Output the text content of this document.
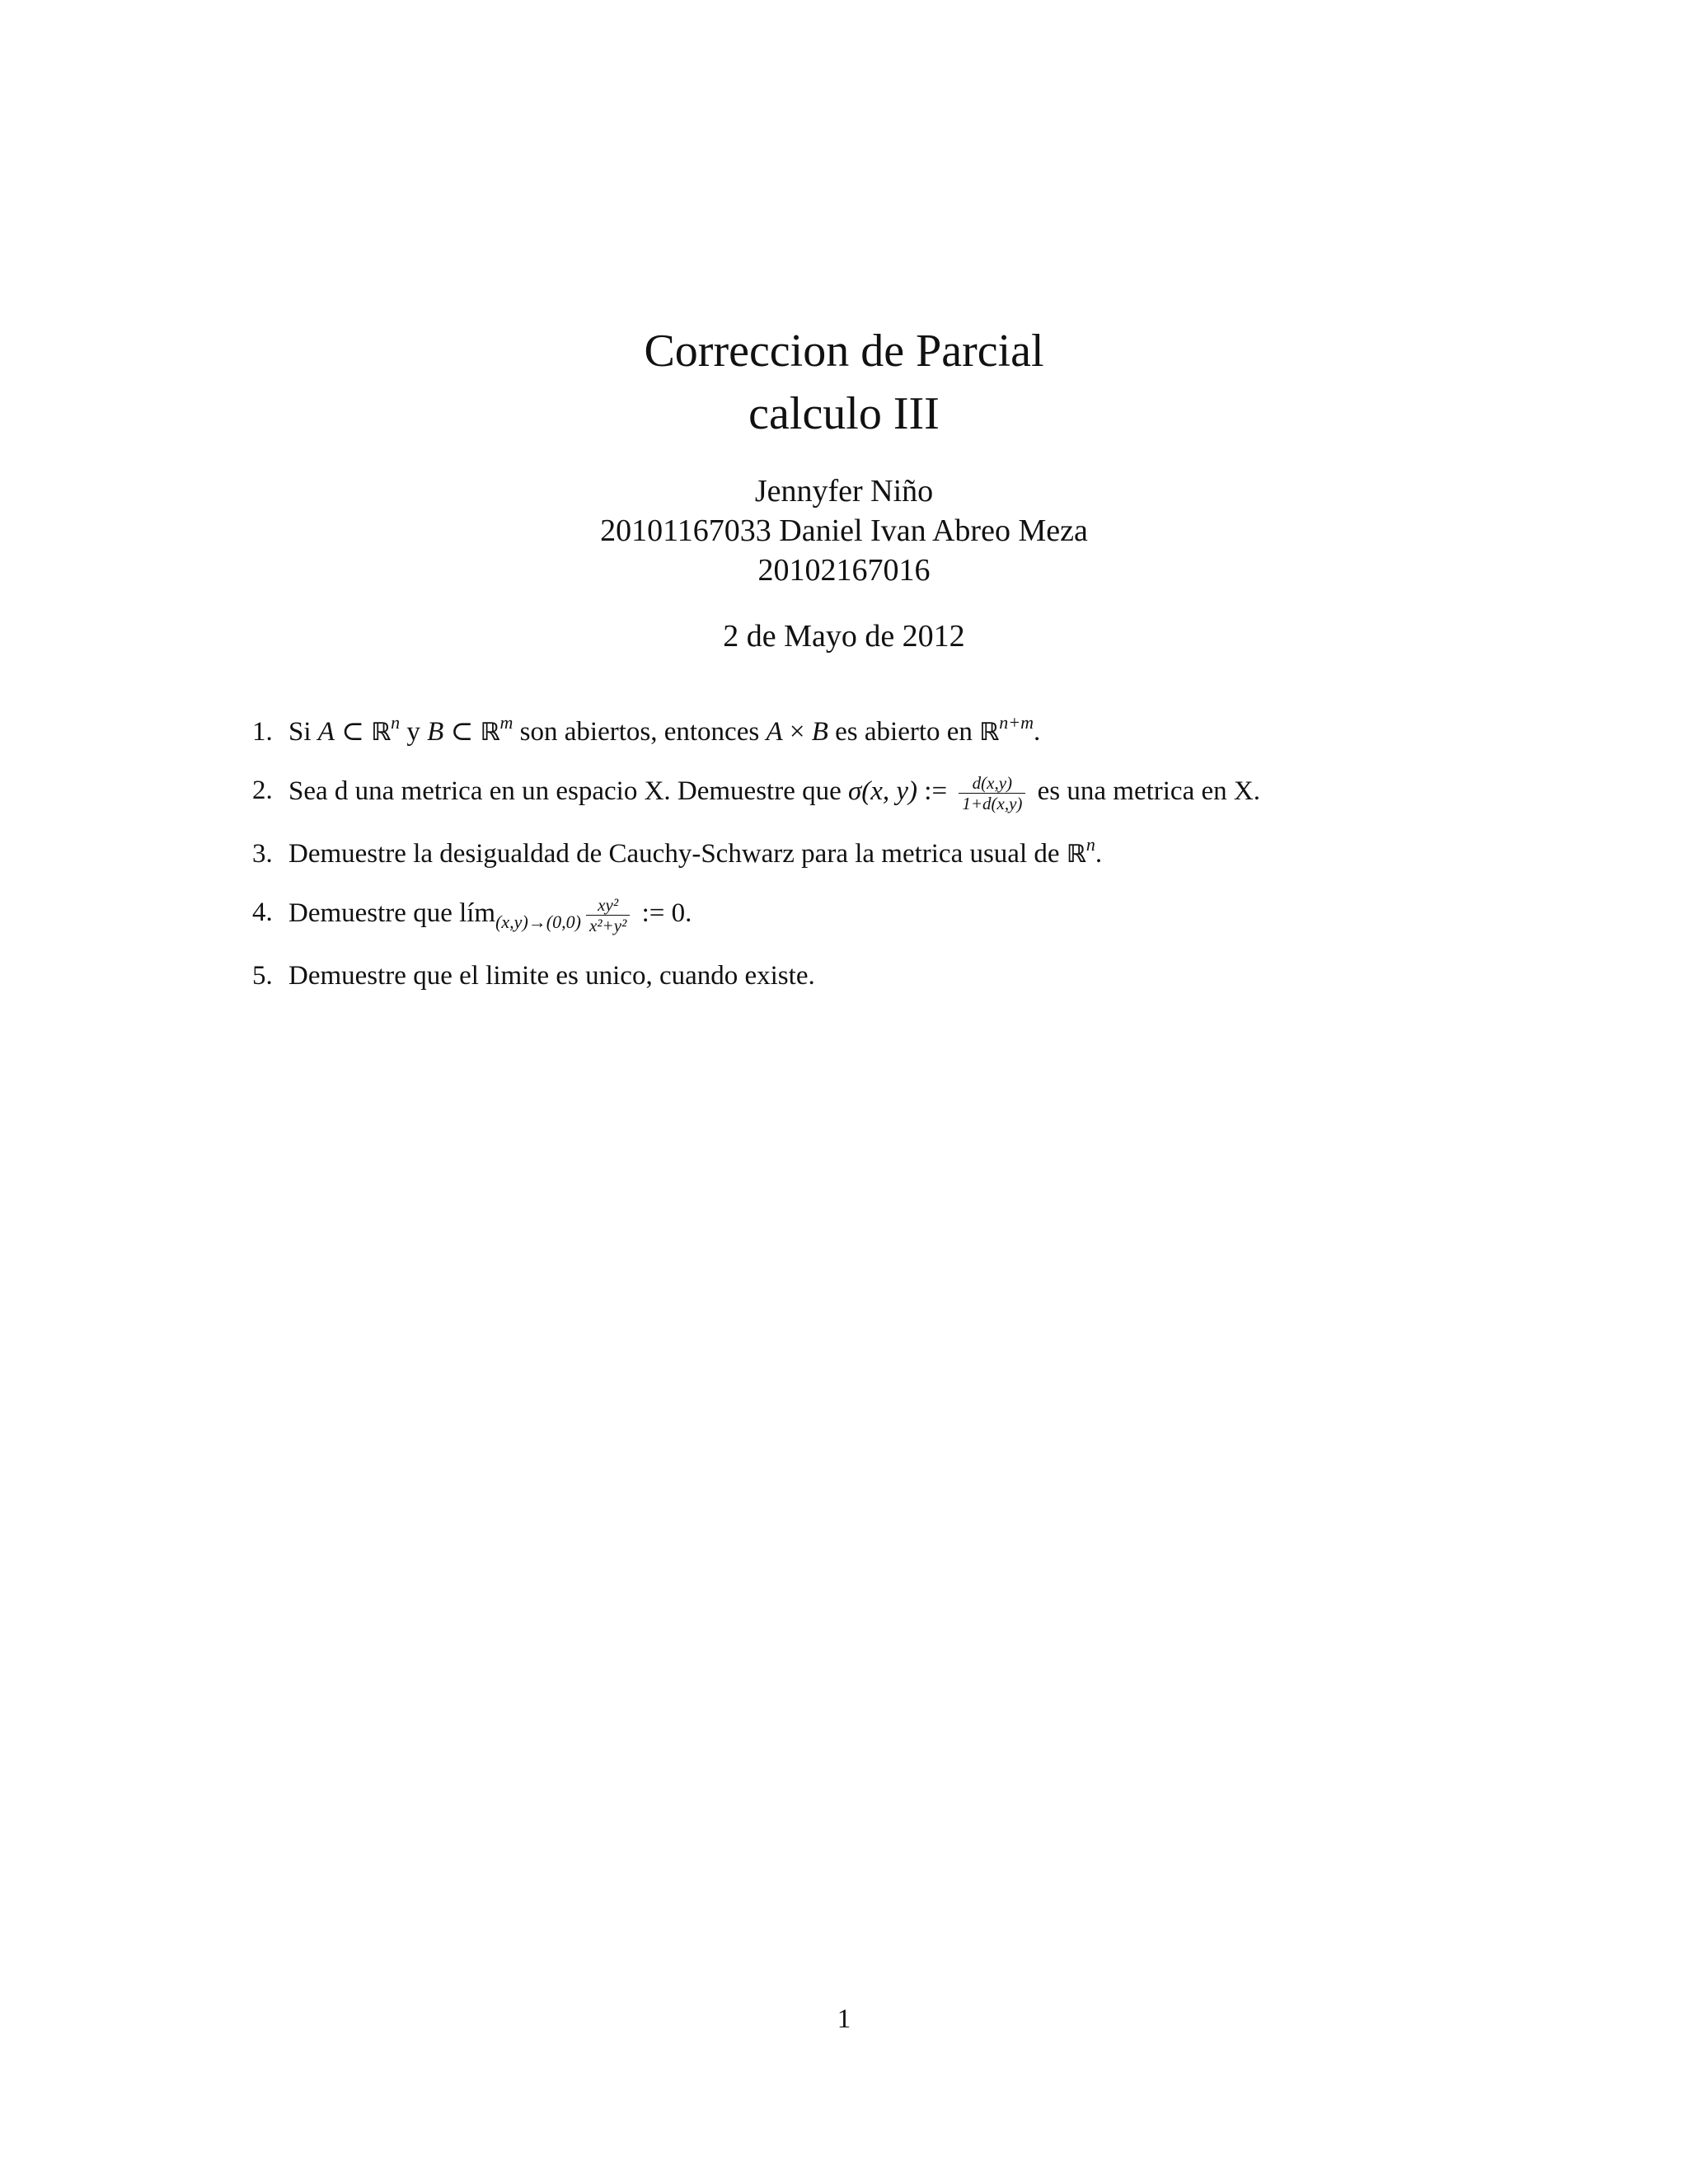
Correccion de Parcial
calculo III
Jennyfer Niño
20101167033 Daniel Ivan Abreo Meza
20102167016
2 de Mayo de 2012
1. Si A ⊂ ℝ$^n$ y B ⊂ ℝ$^m$ son abiertos, entonces A × B es abierto en ℝ$^{n+m}$.
2. Sea d una metrica en un espacio X. Demuestre que σ(x, y) := $\frac{d(x,y)}{1+d(x,y)}$ es una metrica en X.
3. Demuestre la desigualdad de Cauchy-Schwarz para la metrica usual de ℝ$^n$.
4. Demuestre que lím$_{(x,y)\to(0,0)}$ $\frac{\text{xy²}}{\text{x²+y²}}$ := 0.
5. Demuestre que el limite es unico, cuando existe.
1
